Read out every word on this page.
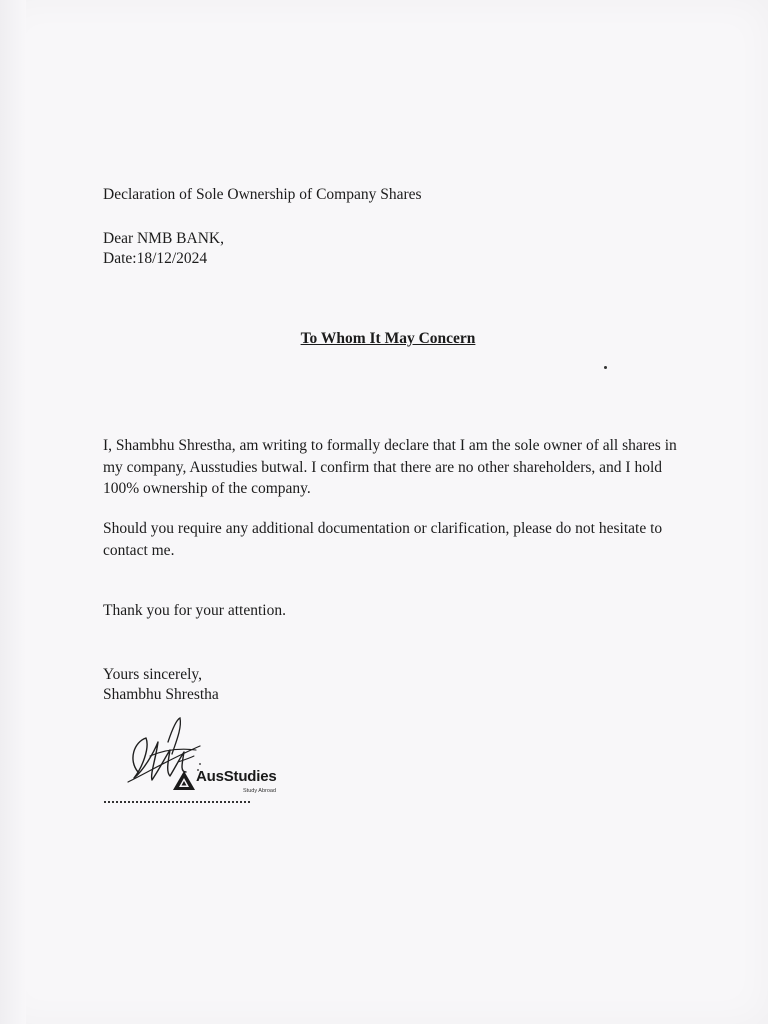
Declaration of Sole Ownership of Company Shares
Dear NMB BANK,
Date:18/12/2024
To Whom It May Concern
I, Shambhu Shrestha, am writing to formally declare that I am the sole owner of all shares in my company, Ausstudies butwal. I confirm that there are no other shareholders, and I hold 100% ownership of the company.
Should you require any additional documentation or clarification, please do not hesitate to contact me.
Thank you for your attention.
Yours sincerely,
Shambhu Shrestha
AusStudies
Study Abroad
